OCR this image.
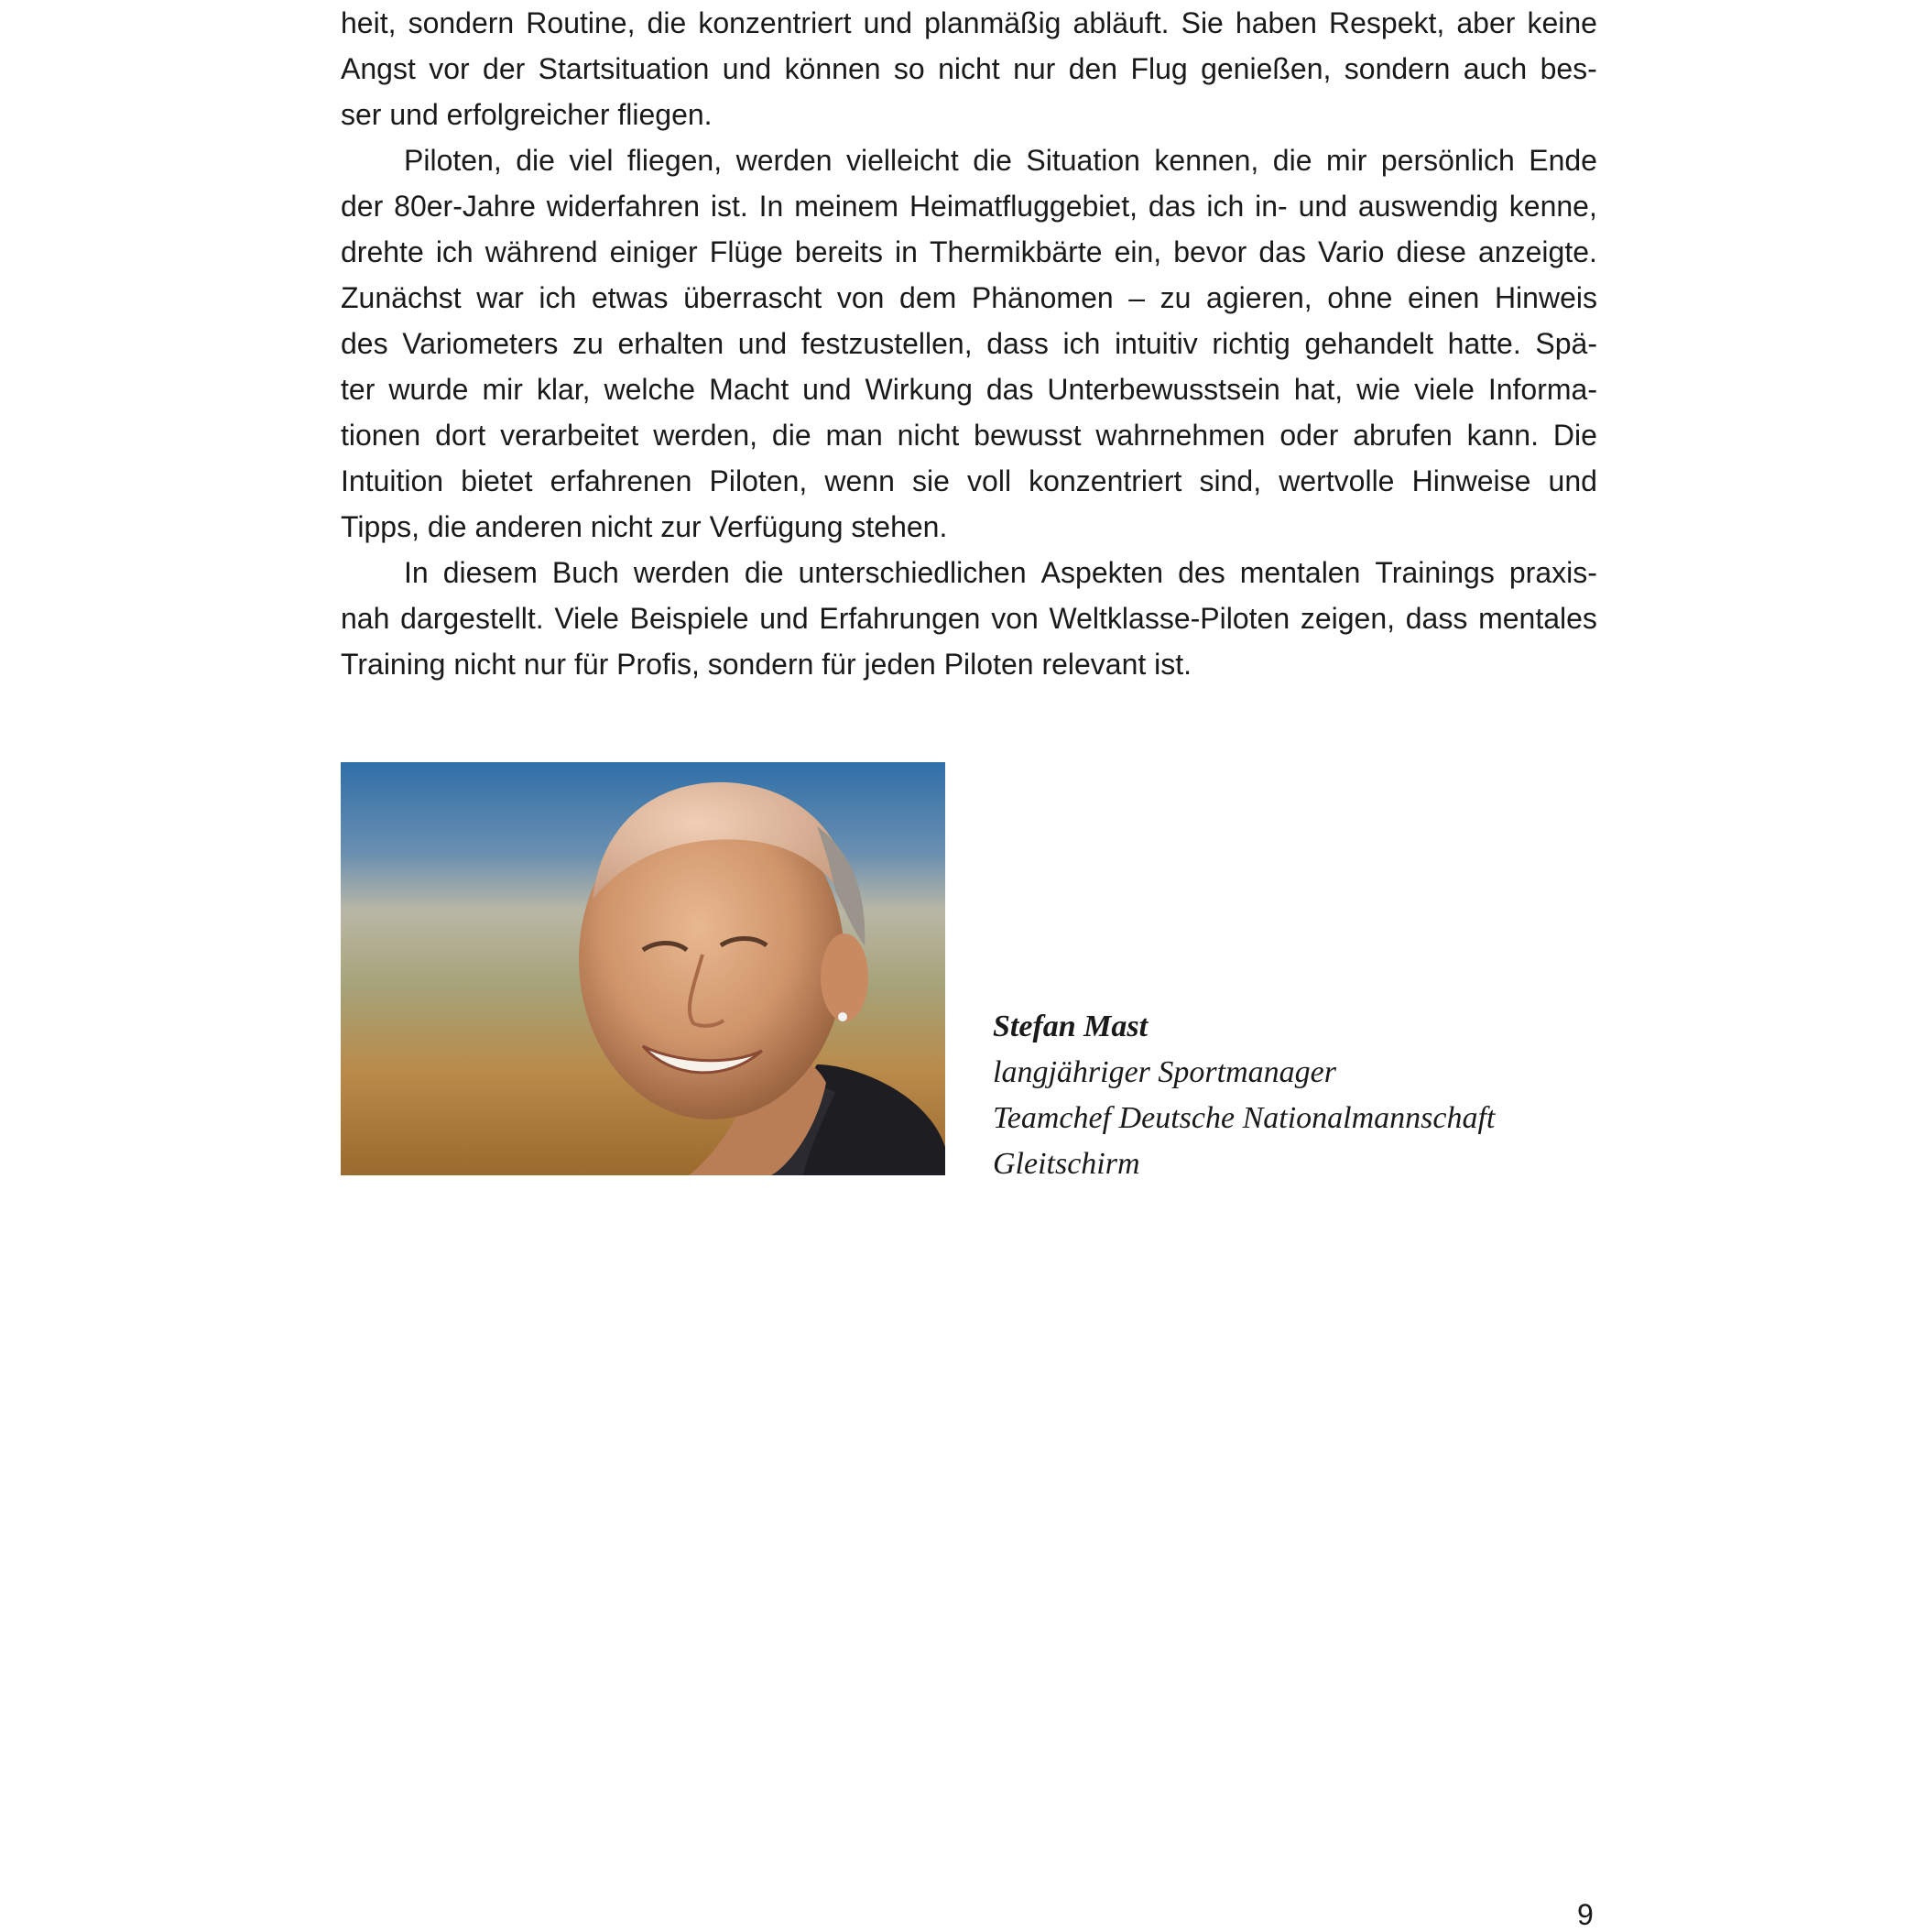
heit, sondern Routine, die konzentriert und planmäßig abläuft. Sie haben Respekt, aber keine
Angst vor der Startsituation und können so nicht nur den Flug genießen, sondern auch bes-
ser und erfolgreicher fliegen.
Piloten, die viel fliegen, werden vielleicht die Situation kennen, die mir persönlich Ende
der 80er-Jahre widerfahren ist. In meinem Heimatfluggebiet, das ich in- und auswendig kenne,
drehte ich während einiger Flüge bereits in Thermikbärte ein, bevor das Vario diese anzeigte.
Zunächst war ich etwas überrascht von dem Phänomen – zu agieren, ohne einen Hinweis
des Variometers zu erhalten und festzustellen, dass ich intuitiv richtig gehandelt hatte. Spä-
ter wurde mir klar, welche Macht und Wirkung das Unterbewusstsein hat, wie viele Informa-
tionen dort verarbeitet werden, die man nicht bewusst wahrnehmen oder abrufen kann. Die
Intuition bietet erfahrenen Piloten, wenn sie voll konzentriert sind, wertvolle Hinweise und
Tipps, die anderen nicht zur Verfügung stehen.
In diesem Buch werden die unterschiedlichen Aspekten des mentalen Trainings praxis-
nah dargestellt. Viele Beispiele und Erfahrungen von Weltklasse-Piloten zeigen, dass mentales
Training nicht nur für Profis, sondern für jeden Piloten relevant ist.
Stefan Mast
langjähriger Sportmanager
Teamchef Deutsche Nationalmannschaft
Gleitschirm
9
